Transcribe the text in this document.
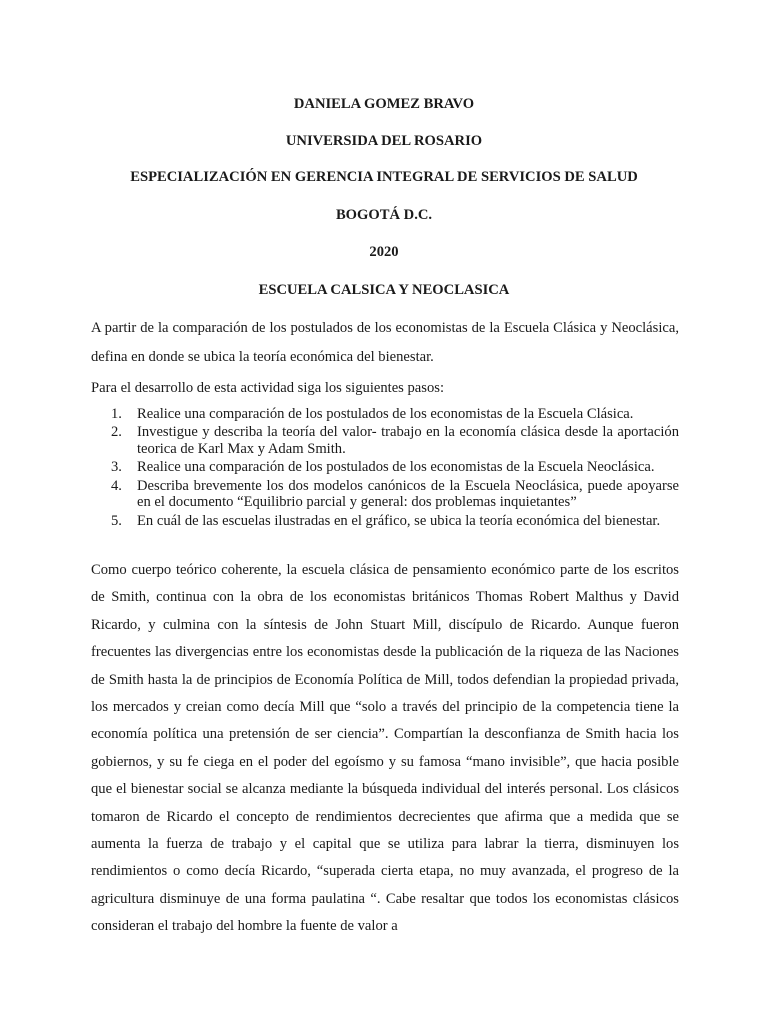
DANIELA GOMEZ BRAVO

UNIVERSIDA DEL ROSARIO

ESPECIALIZACIÓN EN GERENCIA INTEGRAL DE SERVICIOS DE SALUD

BOGOTÁ D.C.

2020

ESCUELA CALSICA Y NEOCLASICA

A partir de la comparación de los postulados de los economistas de la Escuela Clásica y Neoclásica, defina en donde se ubica la teoría económica del bienestar.

Para el desarrollo de esta actividad siga los siguientes pasos:

1. Realice una comparación de los postulados de los economistas de la Escuela Clásica.
2. Investigue y describa la teoría del valor- trabajo en la economía clásica desde la aportación teorica de Karl Max y Adam Smith.
3. Realice una comparación de los postulados de los economistas de la Escuela Neoclásica.
4. Describa brevemente los dos modelos canónicos de la Escuela Neoclásica, puede apoyarse en el documento “Equilibrio parcial y general: dos problemas inquietantes”
5. En cuál de las escuelas ilustradas en el gráfico, se ubica la teoría económica del bienestar.

Como cuerpo teórico coherente, la escuela clásica de pensamiento económico parte de los escritos de Smith, continua con la obra de los economistas británicos Thomas Robert Malthus y David Ricardo, y culmina con la síntesis de John Stuart Mill, discípulo de Ricardo. Aunque fueron frecuentes las divergencias entre los economistas desde la publicación de la riqueza de las Naciones de Smith hasta la de principios de Economía Política de Mill, todos defendian la propiedad privada, los mercados y creian como decía Mill que “solo a través del principio de la competencia tiene la economía política una pretensión de ser ciencia”. Compartían la desconfianza de Smith hacia los gobiernos, y su fe ciega en el poder del egoísmo y su famosa “mano invisible”, que hacia posible que el bienestar social se alcanza mediante la búsqueda individual del interés personal. Los clásicos tomaron de Ricardo el concepto de rendimientos decrecientes que afirma que a medida que se aumenta la fuerza de trabajo y el capital que se utiliza para labrar la tierra, disminuyen los rendimientos o como decía Ricardo, “superada cierta etapa, no muy avanzada, el progreso de la agricultura disminuye de una forma paulatina “. Cabe resaltar que todos los economistas clásicos consideran el trabajo del hombre la fuente de valor a
